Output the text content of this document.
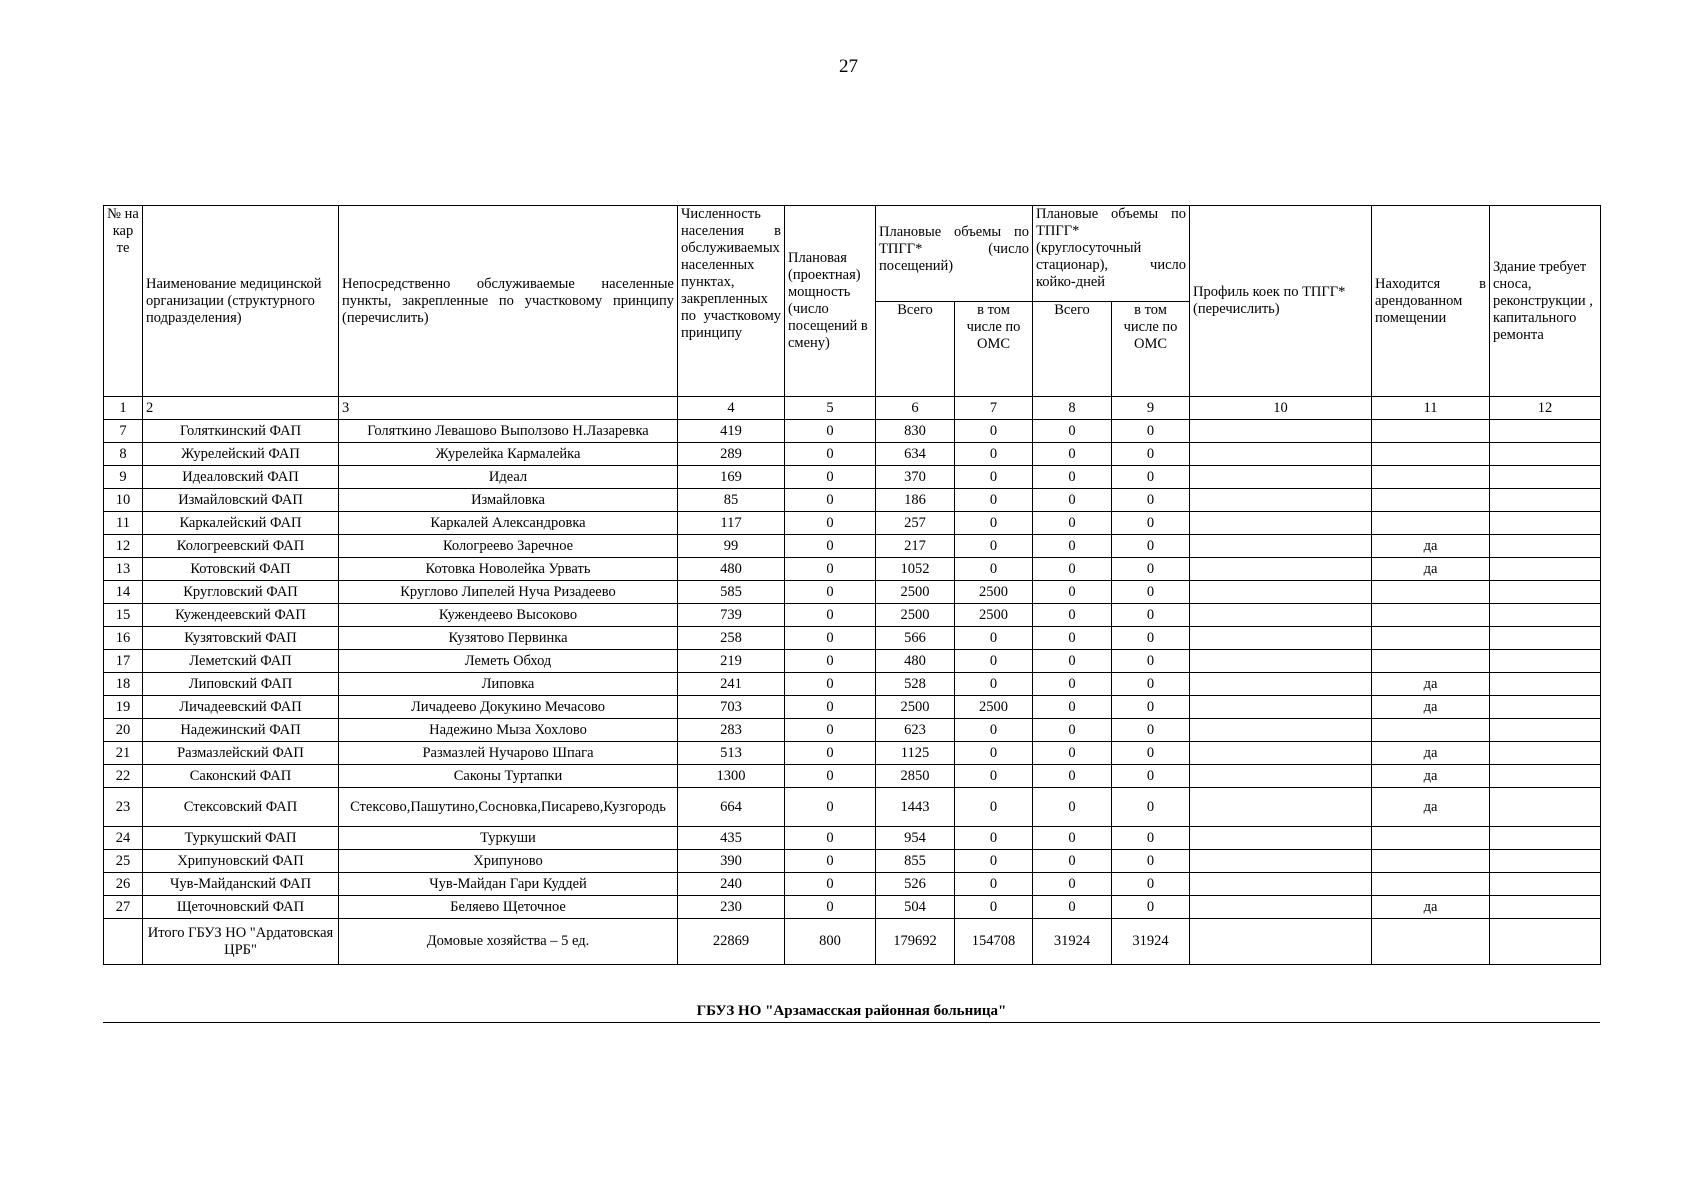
27
№ на кар те	Наименование медицинской организации (структурного подразделения)	Непосредственно обслуживаемые населенные пункты, закрепленные по участковому принципу (перечислить)	Численность населения в обслуживаемых населенных пунктах, закрепленных по участковому принципу	Плановая (проектная) мощность (число посещений в смену)	Плановые объемы по ТПГГ* (число посещений)		Плановые объемы по ТПГГ* (круглосуточный стационар), число койко-дней		Профиль коек по ТПГГ* (перечислить)	Находится в арендованном помещении	Здание требует сноса, реконструкции , капитального ремонта
					Всего	в том числе по ОМС	Всего	в том числе по ОМС			
1	2	3	4	5	6	7	8	9	10	11	12
7	Голяткинский ФАП	Голяткино Левашово Выползово Н.Лазаревка	419	0	830	0	0	0			
8	Журелейский ФАП	Журелейка Кармалейка	289	0	634	0	0	0			
9	Идеаловский ФАП	Идеал	169	0	370	0	0	0			
10	Измайловский ФАП	Измайловка	85	0	186	0	0	0			
11	Каркалейский ФАП	Каркалей Александровка	117	0	257	0	0	0			
12	Кологреевский ФАП	Кологреево Заречное	99	0	217	0	0	0		да	
13	Котовский ФАП	Котовка Новолейка Урвать	480	0	1052	0	0	0		да	
14	Кругловский ФАП	Круглово Липелей Нуча Ризадеево	585	0	2500	2500	0	0			
15	Кужендеевский ФАП	Кужендеево Высоково	739	0	2500	2500	0	0			
16	Кузятовский ФАП	Кузятово Первинка	258	0	566	0	0	0			
17	Леметский ФАП	Леметь Обход	219	0	480	0	0	0			
18	Липовский ФАП	Липовка	241	0	528	0	0	0		да	
19	Личадеевский ФАП	Личадеево Докукино Мечасово	703	0	2500	2500	0	0		да	
20	Надежинский ФАП	Надежино Мыза Хохлово	283	0	623	0	0	0			
21	Размазлейский ФАП	Размазлей Нучарово Шпага	513	0	1125	0	0	0		да	
22	Саконский ФАП	Саконы Туртапки	1300	0	2850	0	0	0		да	
23	Стексовский ФАП	Стексово,Пашутино,Сосновка,Писарево,Кузгородь	664	0	1443	0	0	0		да	
24	Туркушский ФАП	Туркуши	435	0	954	0	0	0			
25	Хрипуновский ФАП	Хрипуново	390	0	855	0	0	0			
26	Чув-Майданский ФАП	Чув-Майдан Гари Куддей	240	0	526	0	0	0			
27	Щеточновский ФАП	Беляево Щеточное	230	0	504	0	0	0		да	
	Итого ГБУЗ НО "Ардатовская ЦРБ"	Домовые хозяйства – 5 ед.	22869	800	179692	154708	31924	31924			
ГБУЗ НО "Арзамасская районная больница"
